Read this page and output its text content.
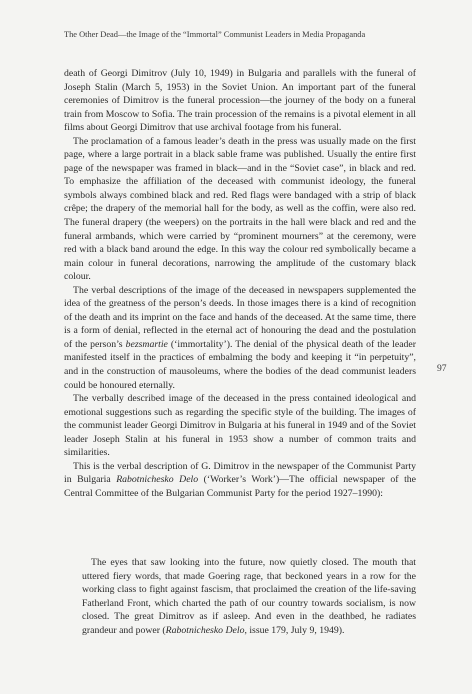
The Other Dead—the Image of the “Immortal” Communist Leaders in Media Propaganda

death of Georgi Dimitrov (July 10, 1949) in Bulgaria and parallels with the funeral of Joseph Stalin (March 5, 1953) in the Soviet Union. An important part of the funeral ceremonies of Dimitrov is the funeral procession—the journey of the body on a funeral train from Moscow to Sofia. The train procession of the remains is a pivotal element in all films about Georgi Dimitrov that use archival footage from his funeral.

The proclamation of a famous leader’s death in the press was usually made on the first page, where a large portrait in a black sable frame was published. Usually the entire first page of the newspaper was framed in black—and in the “Soviet case”, in black and red. To emphasize the affiliation of the deceased with communist ideology, the funeral symbols always combined black and red. Red flags were bandaged with a strip of black crêpe; the drapery of the memorial hall for the body, as well as the coffin, were also red. The funeral drapery (the weepers) on the portraits in the hall were black and red and the funeral armbands, which were carried by “prominent mourners” at the ceremony, were red with a black band around the edge. In this way the colour red symbolically became a main colour in funeral decorations, narrowing the amplitude of the customary black colour.

The verbal descriptions of the image of the deceased in newspapers supplemented the idea of the greatness of the person’s deeds. In those images there is a kind of recognition of the death and its imprint on the face and hands of the deceased. At the same time, there is a form of denial, reflected in the eternal act of honouring the dead and the postulation of the person’s bezsmartie (‘immortality’). The denial of the physical death of the leader manifested itself in the practices of embalming the body and keeping it “in perpetuity”, and in the construction of mausoleums, where the bodies of the dead communist leaders could be honoured eternally.

The verbally described image of the deceased in the press contained ideological and emotional suggestions such as regarding the specific style of the building. The images of the communist leader Georgi Dimitrov in Bulgaria at his funeral in 1949 and of the Soviet leader Joseph Stalin at his funeral in 1953 show a number of common traits and similarities.

This is the verbal description of G. Dimitrov in the newspaper of the Communist Party in Bulgaria Rabotnichesko Delo (‘Worker’s Work’)—The official newspaper of the Central Committee of the Bulgarian Communist Party for the period 1927–1990):

The eyes that saw looking into the future, now quietly closed. The mouth that uttered fiery words, that made Goering rage, that beckoned years in a row for the working class to fight against fascism, that proclaimed the creation of the life-saving Fatherland Front, which charted the path of our country towards socialism, is now closed. The great Dimitrov as if asleep. And even in the deathbed, he radiates grandeur and power (Rabotnichesko Delo, issue 179, July 9, 1949).

97
